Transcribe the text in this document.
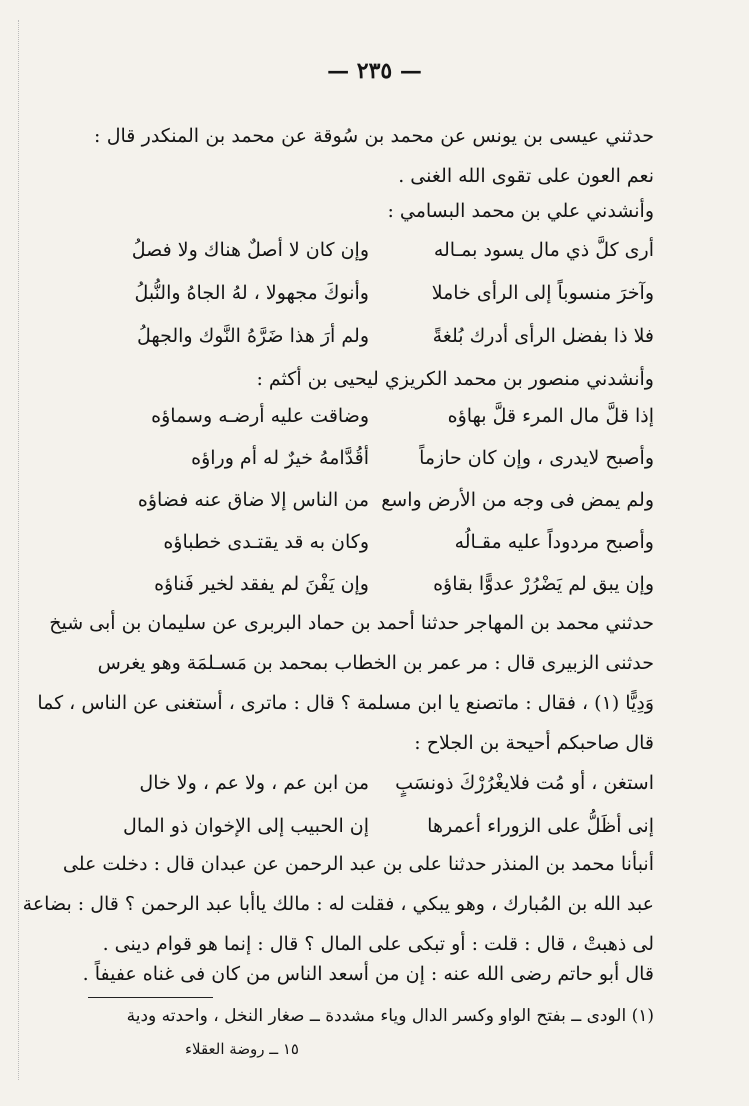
— ٢٣٥ —
حدثني عيسى بن يونس عن محمد بن سُوقة عن محمد بن المنكدر قال : نعم العون على تقوى الله الغنى .
وأنشدني علي بن محمد البسامي :
أرى كلَّ ذي مال يسود بمـاله
وإن كان لا أصلٌ هناك ولا فصلُ
وآخرَ منسوباً إلى الرأى خاملا
وأنوكَ مجهولا ، لهُ الجاهُ والنُّبلُ
فلا ذا بفضل الرأى أدرك بُلغةً
ولم أرَ هذا ضَرَّهُ النَّوك والجهلُ
وأنشدني منصور بن محمد الكريزي ليحيى بن أكثم :
إذا قلَّ مال المرء قلَّ بهاؤه
وضاقت عليه أرضـه وسماؤه
وأصبح لايدرى ، وإن كان حازماً
أقُدَّامهُ خيرٌ له أم وراؤه
ولم يمض فى وجه من الأرض واسع
من الناس إلا ضاق عنه فضاؤه
وأصبح مردوداً عليه مقـالُه
وكان به قد يقتـدى خطباؤه
وإن يبق لم يَضْرُرْ عدوًّا بقاؤه
وإن يَفْنَ لم يفقد لخير فَناؤه
حدثني محمد بن المهاجر حدثنا أحمد بن حماد البربرى عن سليمان بن أبى شيخ
حدثنى الزبيرى قال : مر عمر بن الخطاب بمحمد بن مَسـلمَة وهو يغرس
وَدِيًّا (١) ، فقال : ماتصنع يا ابن مسلمة ؟ قال : ماترى ، أستغنى عن الناس ، كما
قال صاحبكم أحيحة بن الجلاح :
استغن ، أو مُت فلايغْرُرْكَ ذونسَبٍ
من ابن عم ، ولا عم ، ولا خال
إنى أظَلُّ على الزوراء أعمرها
إن الحبيب إلى الإخوان ذو المال
أنبأنا محمد بن المنذر حدثنا على بن عبد الرحمن عن عبدان قال : دخلت على
عبد الله بن المُبارك ، وهو يبكي ، فقلت له : مالك ياأبا عبد الرحمن ؟ قال : بضاعة
لى ذهبتْ ، قال : قلت : أو تبكى على المال ؟ قال : إنما هو قوام دينى .
قال أبو حاتم رضى الله عنه : إن من أسعد الناس من كان فى غناه عفيفاً .
(١) الودى ــ بفتح الواو وكسر الدال وياء مشددة ــ صغار النخل ، واحدته ودية
١٥ ــ روضة العقلاء
